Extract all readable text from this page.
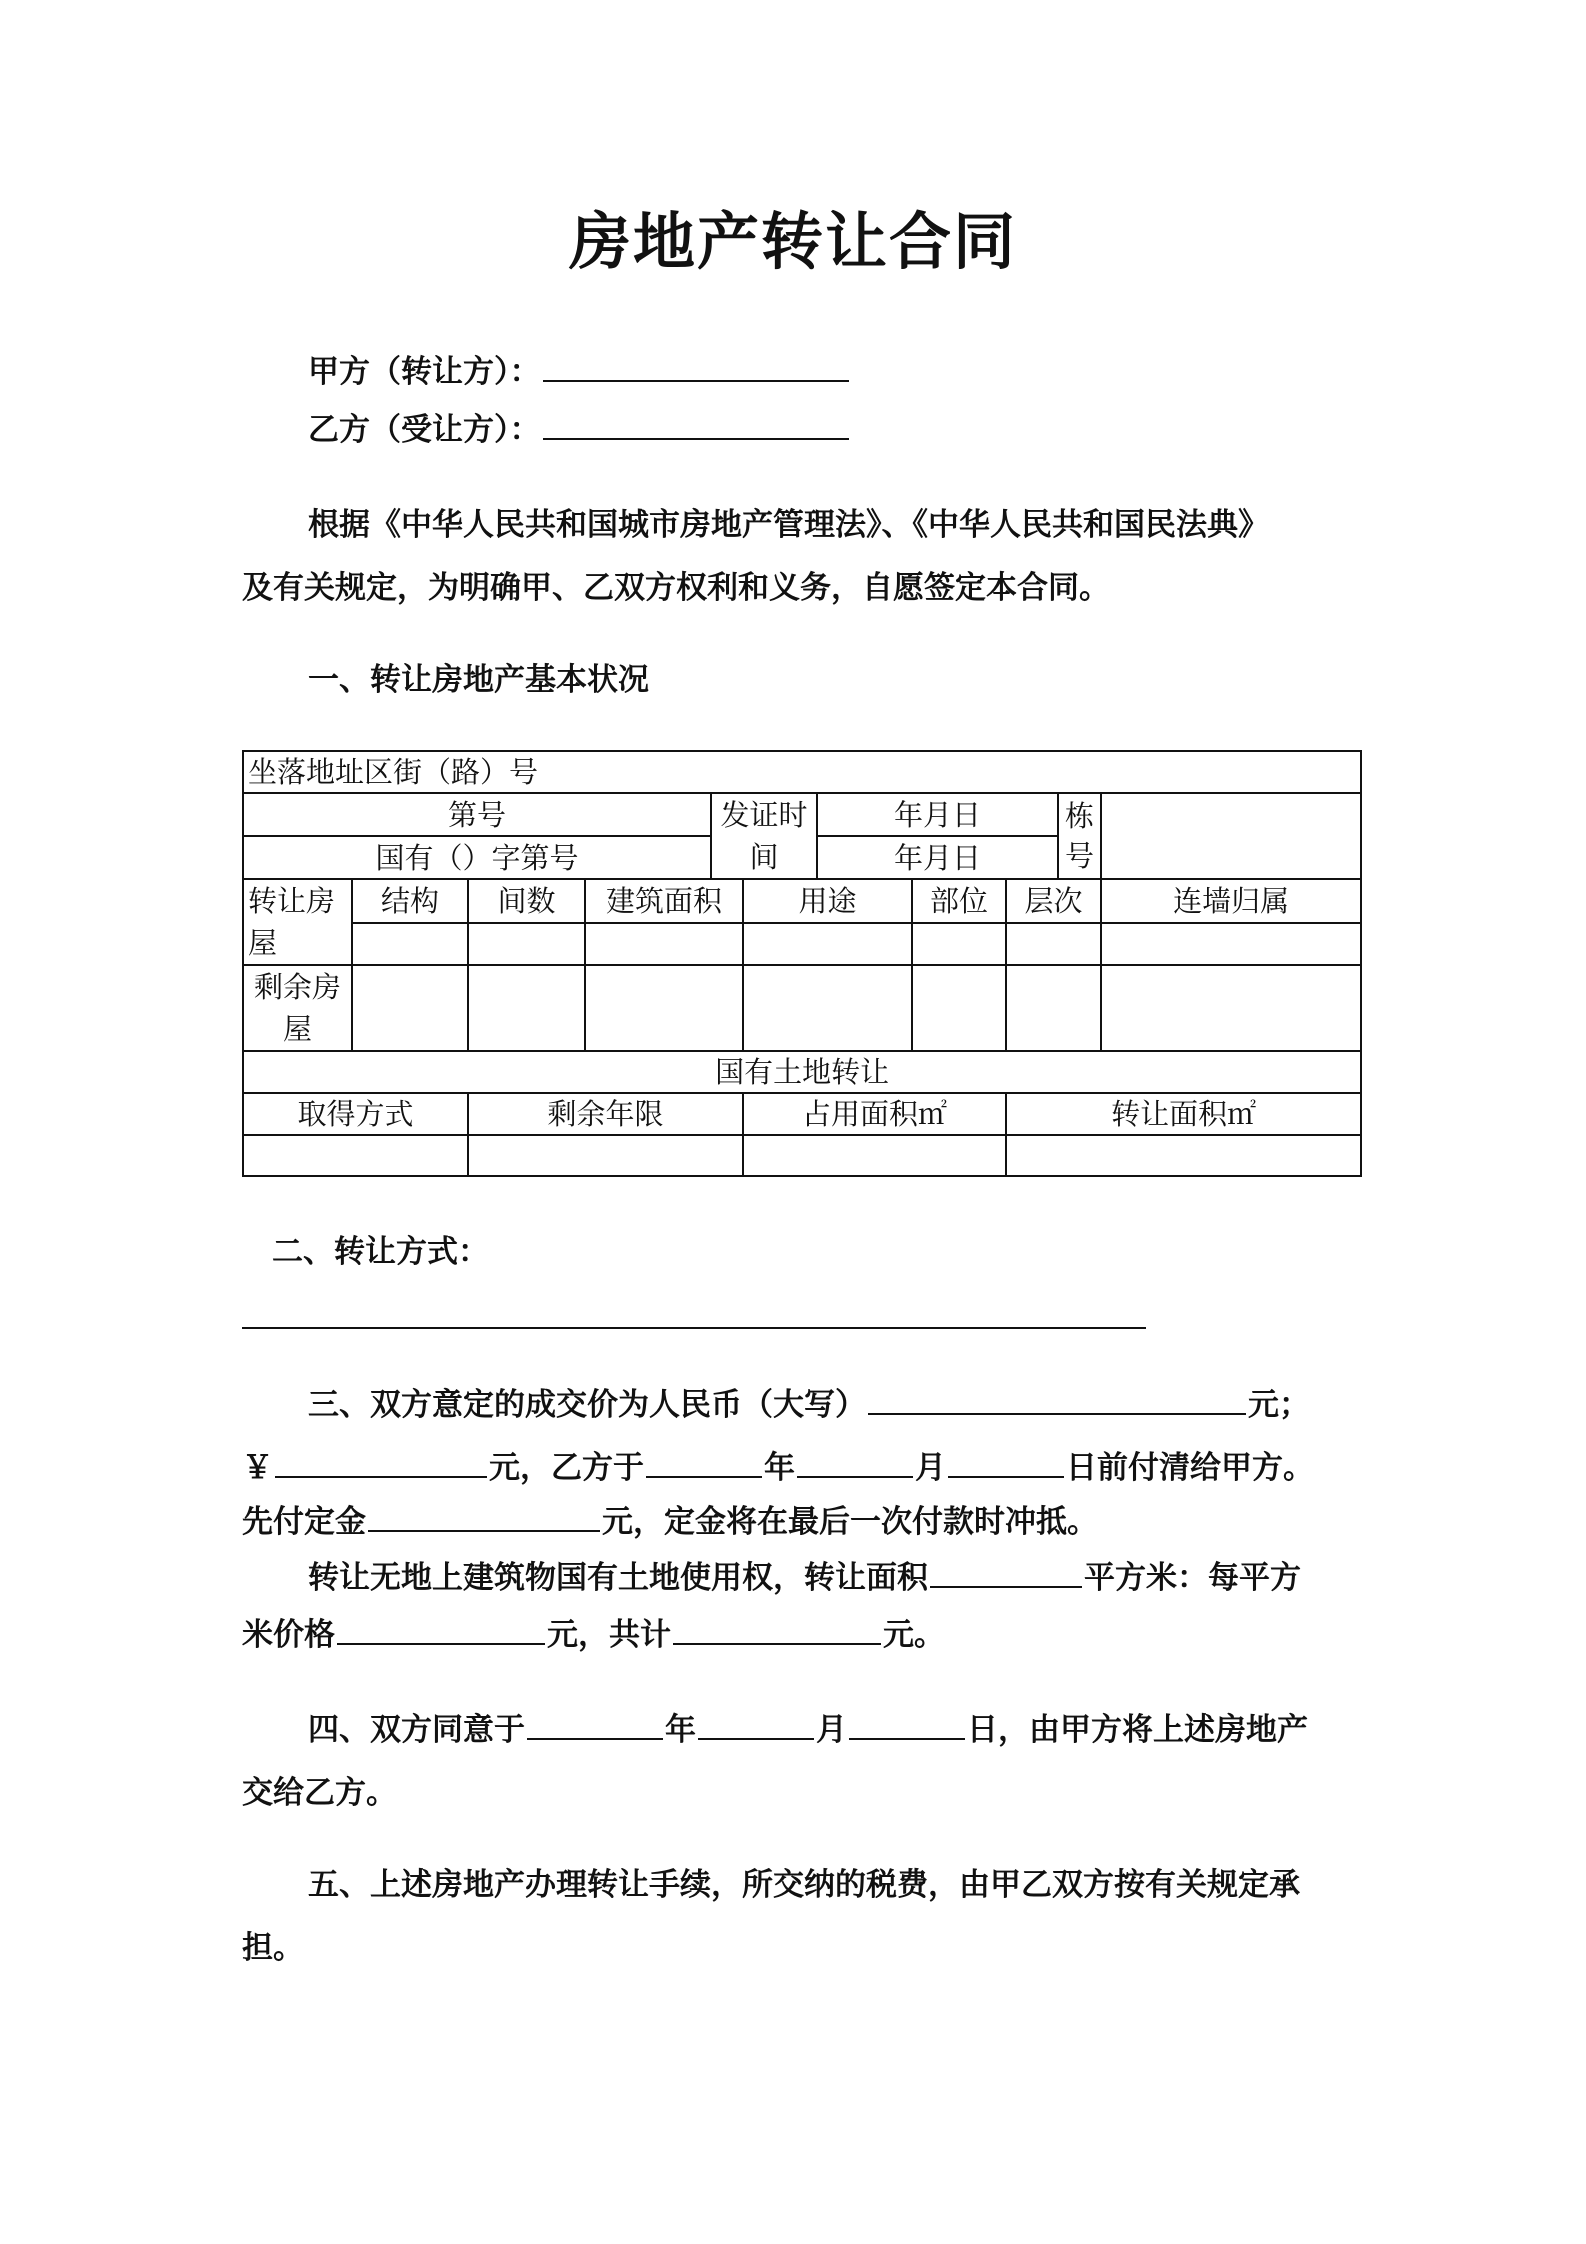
房地产转让合同
甲方（转让方）：
乙方（受让方）：
根据《中华人民共和国城市房地产管理法》、《中华人民共和国民法典》
及有关规定，为明确甲、乙双方权利和义务，自愿签定本合同。
一、转让房地产基本状况
坐落地址区街（路）号										
第号				发证时间		年月日			栋号	
国有（）字第号						年月日				
转让房屋	结构	间数	建筑面积		用途		部位	层次		连墙归属

剩余房屋										
国有土地转让										
取得方式		剩余年限			占用面积㎡			转让面积㎡		

二、转让方式：
三、双方意定的成交价为人民币（大写）	元；
￥	元，乙方于	年	月	日前付清给甲方。
先付定金	元，定金将在最后一次付款时冲抵。
转让无地上建筑物国有土地使用权，转让面积	平方米：每平方
米价格	元，共计	元。
四、双方同意于	年	月	日，由甲方将上述房地产
交给乙方。
五、上述房地产办理转让手续，所交纳的税费，由甲乙双方按有关规定承
担。
